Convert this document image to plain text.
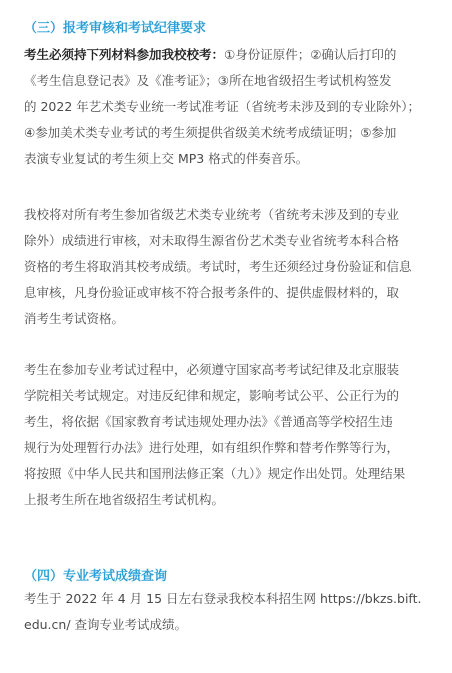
（三）报考审核和考试纪律要求
考生必须持下列材料参加我校校考：①身份证原件；②确认后打印的
《考生信息登记表》及《准考证》；③所在地省级招生考试机构签发
的 2022 年艺术类专业统一考试准考证（省统考未涉及到的专业除外）；
④参加美术类专业考试的考生须提供省级美术统考成绩证明；⑤参加
表演专业复试的考生须上交 MP3 格式的伴奏音乐。
我校将对所有考生参加省级艺术类专业统考（省统考未涉及到的专业
除外）成绩进行审核，对未取得生源省份艺术类专业省统考本科合格
资格的考生将取消其校考成绩。考试时，考生还须经过身份验证和信息
息审核，凡身份验证或审核不符合报考条件的、提供虚假材料的，取
消考生考试资格。
考生在参加专业考试过程中，必须遵守国家高考考试纪律及北京服装
学院相关考试规定。对违反纪律和规定，影响考试公平、公正行为的
考生，将依据《国家教育考试违规处理办法》《普通高等学校招生违
规行为处理暂行办法》进行处理，如有组织作弊和替考作弊等行为，
将按照《中华人民共和国刑法修正案（九）》规定作出处罚。处理结果
上报考生所在地省级招生考试机构。
（四）专业考试成绩查询
考生于 2022 年 4 月 15 日左右登录我校本科招生网 https://bkzs.bift.
edu.cn/ 查询专业考试成绩。
